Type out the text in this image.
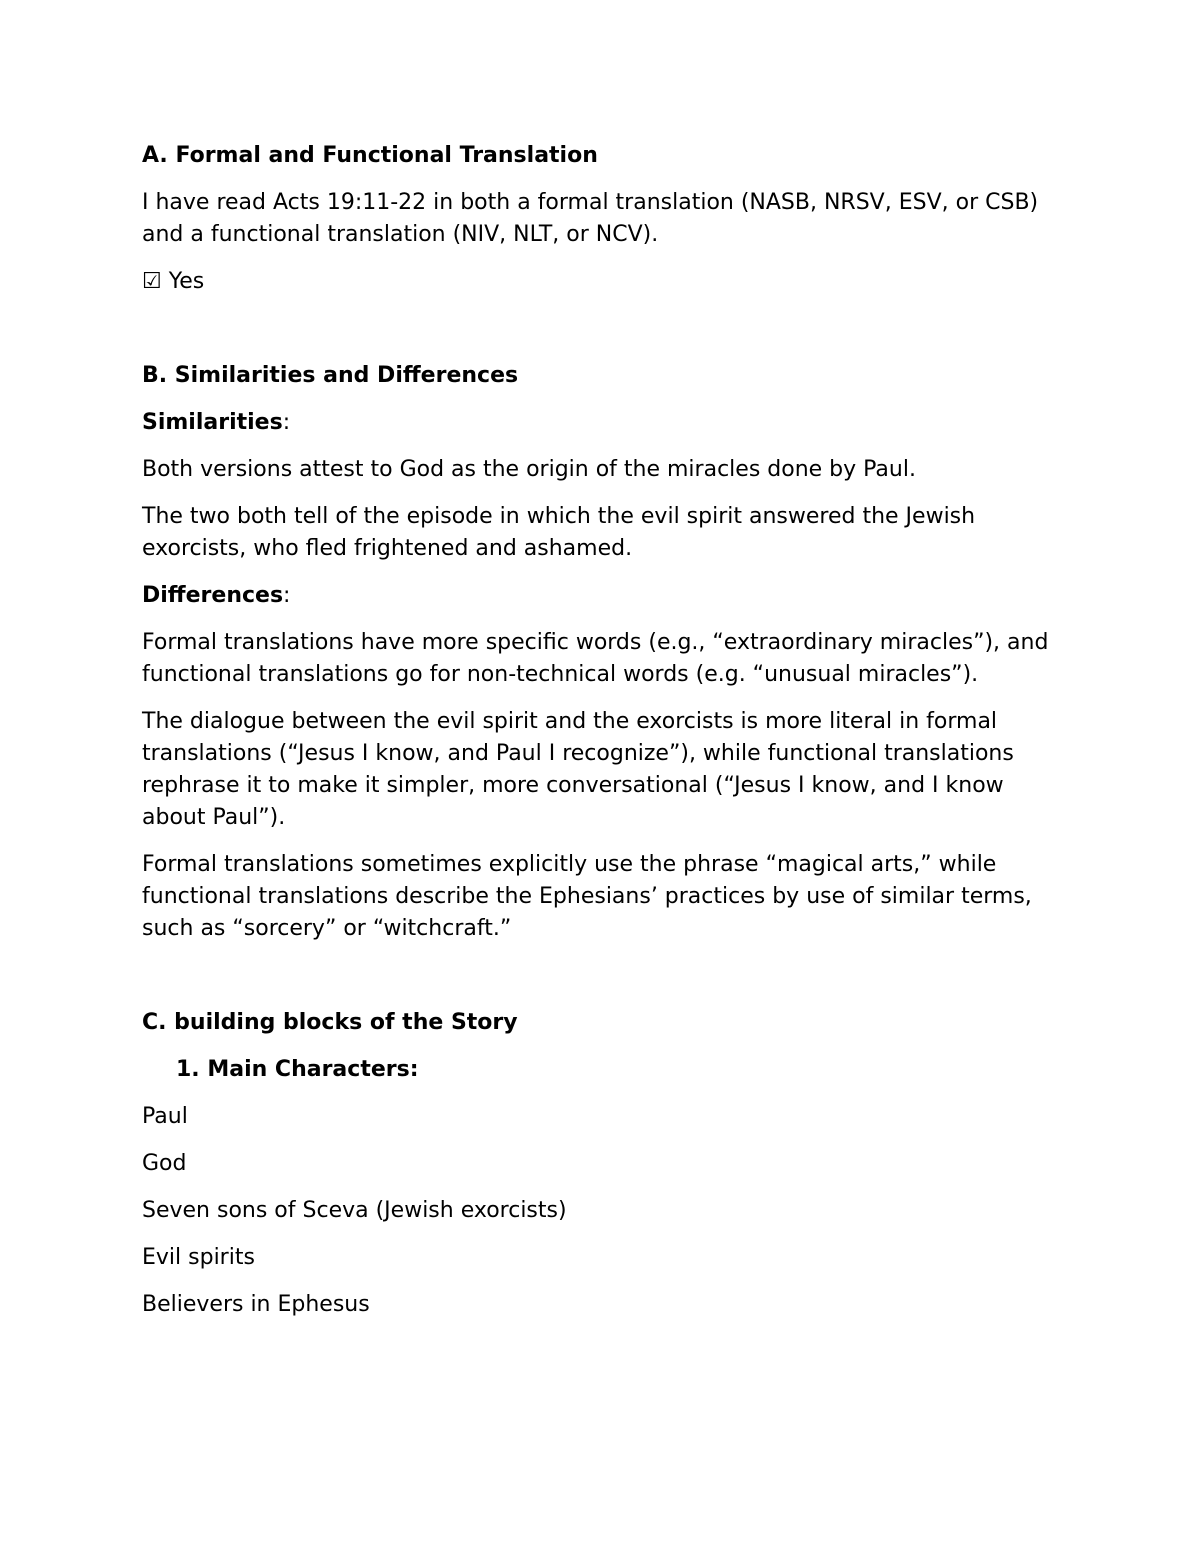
A. Formal and Functional Translation

I have read Acts 19:11-22 in both a formal translation (NASB, NRSV, ESV, or CSB) and a functional translation (NIV, NLT, or NCV).

☑ Yes

B. Similarities and Differences

Similarities:

Both versions attest to God as the origin of the miracles done by Paul.

The two both tell of the episode in which the evil spirit answered the Jewish exorcists, who fled frightened and ashamed.

Differences:

Formal translations have more specific words (e.g., “extraordinary miracles”), and functional translations go for non-technical words (e.g. “unusual miracles”).

The dialogue between the evil spirit and the exorcists is more literal in formal translations (“Jesus I know, and Paul I recognize”), while functional translations rephrase it to make it simpler, more conversational (“Jesus I know, and I know about Paul”).

Formal translations sometimes explicitly use the phrase “magical arts,” while functional translations describe the Ephesians’ practices by use of similar terms, such as “sorcery” or “witchcraft.”

C. building blocks of the Story

1. Main Characters:

Paul

God

Seven sons of Sceva (Jewish exorcists)

Evil spirits

Believers in Ephesus
